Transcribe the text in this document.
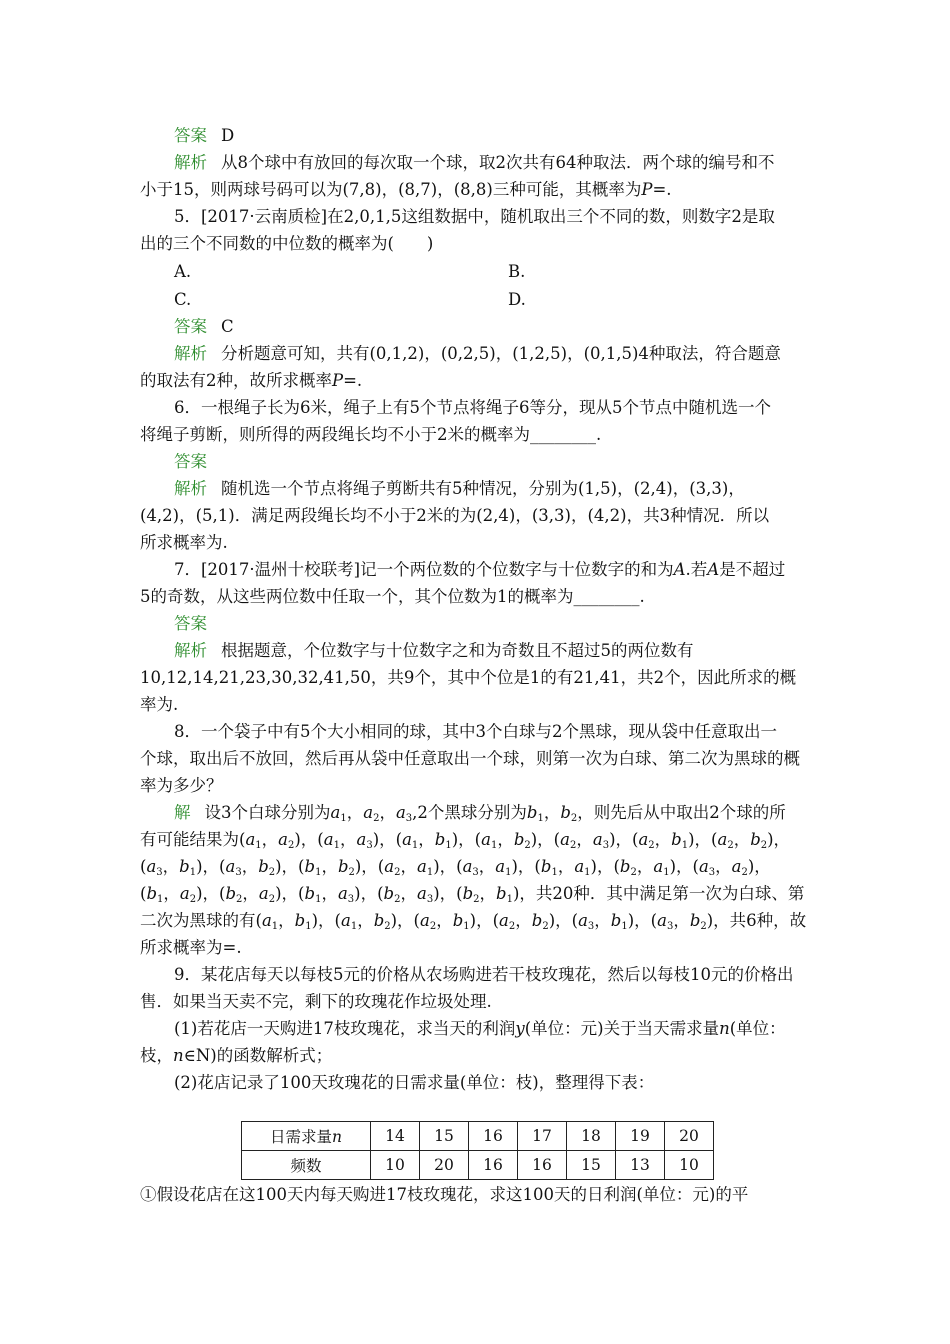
答案 D
解析 从8个球中有放回的每次取一个球，取2次共有64种取法．两个球的编号和不
小于15，则两球号码可以为(7,8)，(8,7)，(8,8)三种可能，其概率为P=.
5．[2017·云南质检]在2,0,1,5这组数据中，随机取出三个不同的数，则数字2是取
出的三个不同数的中位数的概率为(　　)
A.	B.
C.	D.
答案 C
解析 分析题意可知，共有(0,1,2)，(0,2,5)，(1,2,5)，(0,1,5)4种取法，符合题意
的取法有2种，故所求概率P=.
6．一根绳子长为6米，绳子上有5个节点将绳子6等分，现从5个节点中随机选一个
将绳子剪断，则所得的两段绳长均不小于2米的概率为________.
答案
解析 随机选一个节点将绳子剪断共有5种情况，分别为(1,5)，(2,4)，(3,3)，
(4,2)，(5,1)．满足两段绳长均不小于2米的为(2,4)，(3,3)，(4,2)，共3种情况．所以
所求概率为.
7．[2017·温州十校联考]记一个两位数的个位数字与十位数字的和为A.若A是不超过
5的奇数，从这些两位数中任取一个，其个位数为1的概率为________.
答案
解析 根据题意，个位数字与十位数字之和为奇数且不超过5的两位数有
10,12,14,21,23,30,32,41,50，共9个，其中个位是1的有21,41，共2个，因此所求的概
率为.
8．一个袋子中有5个大小相同的球，其中3个白球与2个黑球，现从袋中任意取出一
个球，取出后不放回，然后再从袋中任意取出一个球，则第一次为白球、第二次为黑球的概
率为多少？
解 设3个白球分别为$a_1$，$a_2$，$a_3,2$个黑球分别为$b_1$，$b_2$，则先后从中取出2个球的所
有可能结果为($a_1$，$a_2$)，($a_1$，$a_3$)，($a_1$，$b_1$)，($a_1$，$b_2$)，($a_2$，$a_3$)，($a_2$，$b_1$)，($a_2$，$b_2$)，
($a_3$，$b_1$)，($a_3$，$b_2$)，($b_1$，$b_2$)，($a_2$，$a_1$)，($a_3$，$a_1$)，($b_1$，$a_1$)，($b_2$，$a_1$)，($a_3$，$a_2$)，
($b_1$，$a_2$)，($b_2$，$a_2$)，($b_1$，$a_3$)，($b_2$，$a_3$)，($b_2$，$b_1$)，共20种．其中满足第一次为白球、第
二次为黑球的有($a_1$，$b_1$)，($a_1$，$b_2$)，($a_2$，$b_1$)，($a_2$，$b_2$)，($a_3$，$b_1$)，($a_3$，$b_2$)，共6种，故
所求概率为=.
9．某花店每天以每枝5元的价格从农场购进若干枝玫瑰花，然后以每枝10元的价格出
售．如果当天卖不完，剩下的玫瑰花作垃圾处理.
(1)若花店一天购进17枝玫瑰花，求当天的利润y(单位：元)关于当天需求量n(单位：
枝，n∈N)的函数解析式；
(2)花店记录了100天玫瑰花的日需求量(单位：枝)，整理得下表：
日需求量n	14	15	16	17	18	19	20
频数	10	20	16	16	15	13	10
①假设花店在这100天内每天购进17枝玫瑰花，求这100天的日利润(单位：元)的平
